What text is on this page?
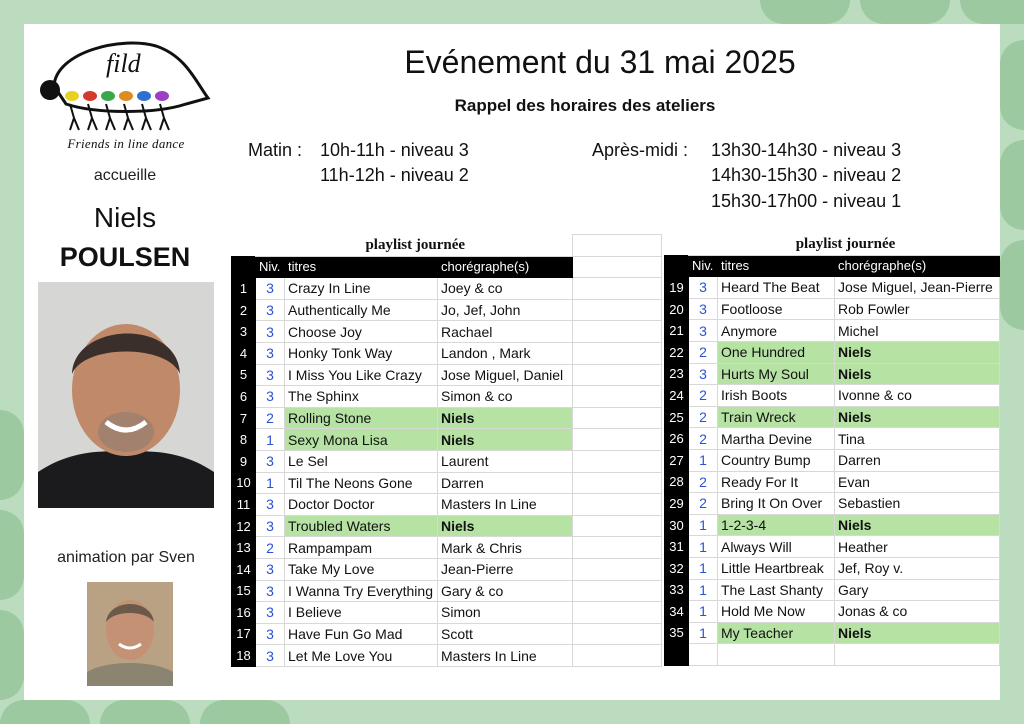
fild
Friends in line dance
accueille
Niels
POULSEN
animation par Sven
Evénement du 31 mai 2025
Rappel des horaires des ateliers
Matin : 10h-11h - niveau 3
11h-12h - niveau 2
Après-midi : 13h30-14h30 - niveau 3
14h30-15h30 - niveau 2
15h30-17h00 - niveau 1
	playlist journée			
	Niv.	titres	chorégraphe(s)	
1	3	Crazy In Line	Joey & co	
2	3	Authentically Me	Jo, Jef, John	
3	3	Choose Joy	Rachael	
4	3	Honky Tonk Way	Landon , Mark	
5	3	I Miss You Like Crazy	Jose Miguel, Daniel	
6	3	The Sphinx	Simon & co	
7	2	Rolling Stone	Niels	
8	1	Sexy Mona Lisa	Niels	
9	3	Le Sel	Laurent	
10	1	Til The Neons Gone	Darren	
11	3	Doctor Doctor	Masters In Line	
12	3	Troubled Waters	Niels	
13	2	Rampampam	Mark & Chris	
14	3	Take My Love	Jean-Pierre	
15	3	I Wanna Try Everything	Gary & co	
16	3	I Believe	Simon	
17	3	Have Fun Go Mad	Scott	
18	3	Let Me Love You	Masters In Line	
	playlist journée		
	Niv.	titres	chorégraphe(s)
19	3	Heard The Beat	Jose Miguel, Jean-Pierre
20	3	Footloose	Rob Fowler
21	3	Anymore	Michel
22	2	One Hundred	Niels
23	3	Hurts My Soul	Niels
24	2	Irish Boots	Ivonne & co
25	2	Train Wreck	Niels
26	2	Martha Devine	Tina
27	1	Country Bump	Darren
28	2	Ready For It	Evan
29	2	Bring It On Over	Sebastien
30	1	1-2-3-4	Niels
31	1	Always Will	Heather
32	1	Little Heartbreak	Jef, Roy v.
33	1	The Last Shanty	Gary
34	1	Hold Me Now	Jonas & co
35	1	My Teacher	Niels
